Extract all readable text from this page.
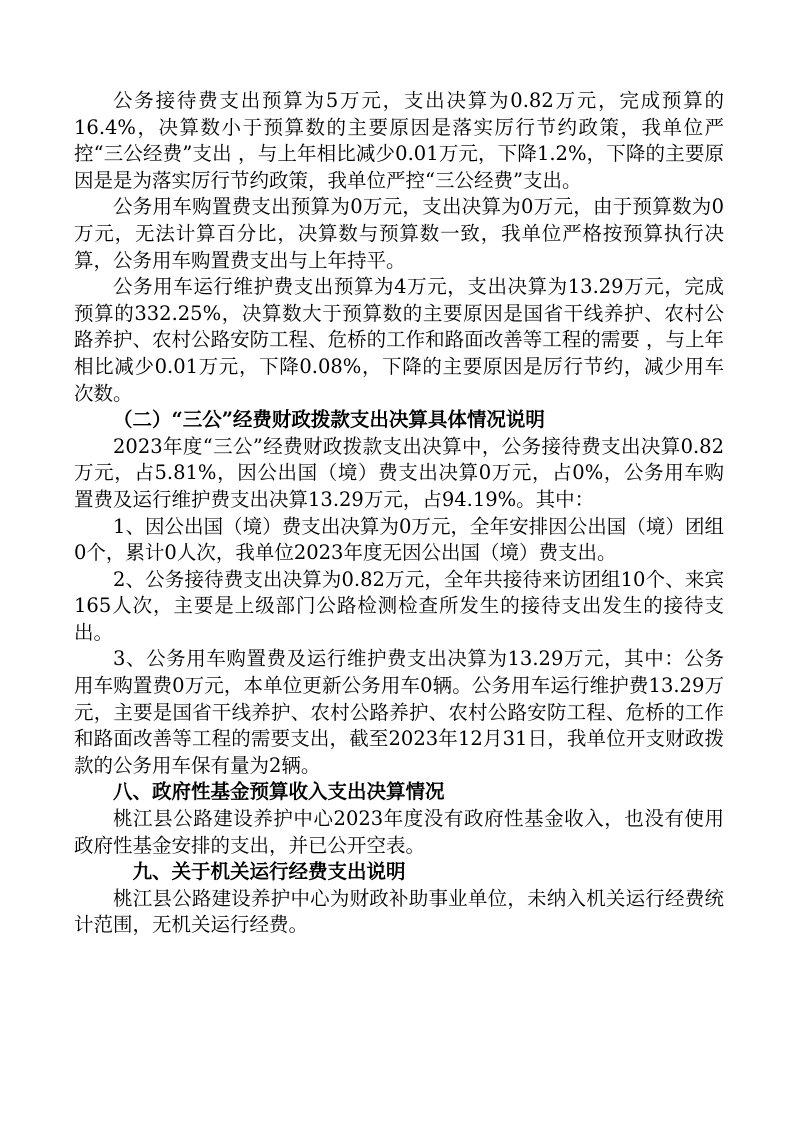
公务接待费支出预算为5万元，支出决算为0.82万元，完成预算的16.4%，决算数小于预算数的主要原因是落实厉行节约政策，我单位严控“三公经费”支出 ，与上年相比减少0.01万元，下降1.2%，下降的主要原因是是为落实厉行节约政策，我单位严控“三公经费”支出。

公务用车购置费支出预算为0万元，支出决算为0万元，由于预算数为0万元，无法计算百分比，决算数与预算数一致，我单位严格按预算执行决算，公务用车购置费支出与上年持平。

公务用车运行维护费支出预算为4万元，支出决算为13.29万元，完成预算的332.25%，决算数大于预算数的主要原因是国省干线养护、农村公路养护、农村公路安防工程、危桥的工作和路面改善等工程的需要 ，与上年相比减少0.01万元，下降0.08%，下降的主要原因是厉行节约，减少用车次数。

（二）“三公”经费财政拨款支出决算具体情况说明

2023年度“三公”经费财政拨款支出决算中，公务接待费支出决算0.82万元，占5.81%，因公出国（境）费支出决算0万元，占0%，公务用车购置费及运行维护费支出决算13.29万元，占94.19%。其中：

1、因公出国（境）费支出决算为0万元，全年安排因公出国（境）团组0个，累计0人次，我单位2023年度无因公出国（境）费支出。

2、公务接待费支出决算为0.82万元，全年共接待来访团组10个、来宾165人次，主要是上级部门公路检测检查所发生的接待支出发生的接待支出。

3、公务用车购置费及运行维护费支出决算为13.29万元，其中：公务用车购置费0万元，本单位更新公务用车0辆。公务用车运行维护费13.29万元，主要是国省干线养护、农村公路养护、农村公路安防工程、危桥的工作和路面改善等工程的需要支出，截至2023年12月31日，我单位开支财政拨款的公务用车保有量为2辆。

八、政府性基金预算收入支出决算情况

桃江县公路建设养护中心2023年度没有政府性基金收入，也没有使用政府性基金安排的支出，并已公开空表。

九、关于机关运行经费支出说明

桃江县公路建设养护中心为财政补助事业单位，未纳入机关运行经费统计范围，无机关运行经费。
